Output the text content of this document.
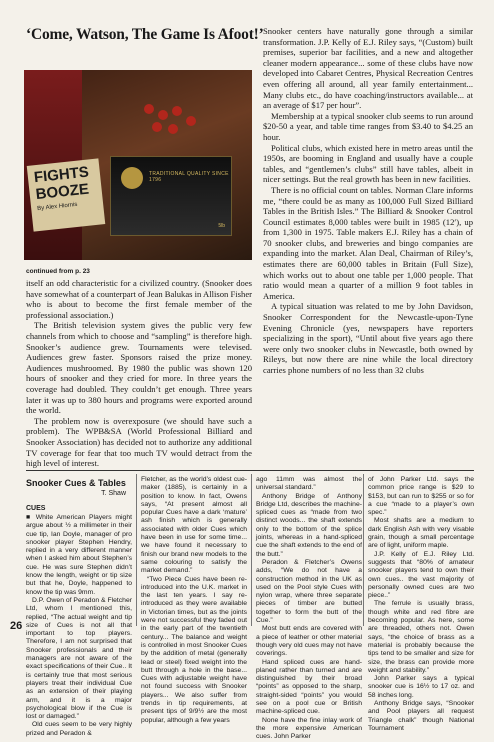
‘Come, Watson, The Game Is Afoot!’
FIGHTS BOOZE
By Alex Hiornis
TRADITIONAL QUALITY SINCE 1796
5lb
continued from p. 23

itself an odd characteristic for a civilized country. (Snooker does have somewhat of a counterpart of Jean Balukas in Allison Fisher who is about to become the first female member of the professional association.)

The British television system gives the public very few channels from which to choose and “sampling” is therefore high. Snooker’s audience grew. Tournaments were televised. Audiences grew faster. Sponsors raised the prize money. Audiences mushroomed. By 1980 the public was shown 120 hours of snooker and they cried for more. In three years the coverage had doubled. They couldn’t get enough. Three years later it was up to 380 hours and programs were exported around the world.

The problem now is overexposure (we should have such a problem). The WPB&SA (World Professional Billiard and Snooker Association) has decided not to authorize any additional TV coverage for fear that too much TV would detract from the high level of interest.

Snooker centers have naturally gone through a similar transformation. J.P. Kelly of E.J. Riley says, “(Custom) built premises, superior bar facilities, and a new and altogether cleaner modern appearance... some of these clubs have now developed into Cabaret Centres, Physical Recreation Centres even offering all around, all year family entertainment... Many clubs etc., do have coaching/instructors available... at an average of $17 per hour”.

Membership at a typical snooker club seems to run around $20-50 a year, and table time ranges from $3.40 to $4.25 an hour.

Political clubs, which existed here in metro areas until the 1950s, are booming in England and usually have a couple tables, and “gentlemen’s clubs” still have tables, albeit in nicer settings. But the real growth has been in new facilities.

There is no official count on tables. Norman Clare informs me, “there could be as many as 100,000 Full Sized Billiard Tables in the British Isles.” The Billiard & Snooker Control Council estimates 8,000 tables were built in 1985 (12′), up from 1,300 in 1975. Table makers E.J. Riley has a chain of 70 snooker clubs, and breweries and bingo companies are expanding into the market. Alan Deal, Chairman of Riley’s, estimates there are 60,000 tables in Britain (Full Size), which works out to about one table per 1,000 people. That ratio would mean a quarter of a million 9 foot tables in America.

A typical situation was related to me by John Davidson, Snooker Correspondent for the Newcastle-upon-Tyne Evening Chronicle (yes, newspapers have reporters specializing in the sport), “Until about five years ago there were only two snooker clubs in Newcastle, both owned by Rileys, but now there are nine while the local directory carries phone numbers of no less than 32 clubs

Snooker Cues & Tables
T. Shaw
CUES

■ White American Players might argue about ½ a millimeter in their cue tip, Ian Doyle, manager of pro snooker player Stephen Hendry, replied in a very different manner when I asked him about Stephen’s cue. He was sure Stephen didn’t know the length, weight or tip size but that he, Doyle, happened to know the tip was 9mm.

D.P. Owen of Peradon & Fletcher Ltd, whom I mentioned this, replied, “The actual weight and tip size of Cues is not all that important to top players. Therefore, I am not surprised that Snooker professionals and their managers are not aware of the exact specifications of their Cue.. It is certainly true that most serious players treat their individual Cue as an extension of their playing arm, and it is a major psychological blow if the Cue is lost or damaged.”

Old cues seem to be very highly prized and Peradon &

Fletcher, as the world’s oldest cue-maker (1885), is certainly in a position to know. In fact, Owens says, “At present almost all popular Cues have a dark ‘mature’ ash finish which is generally associated with older Cues which have been in use for some time... we have found it necessary to finish our brand new models to the same colouring to satisfy the market demand.”

“Two Piece Cues have been re-introduced into the U.K. market in the last ten years. I say re-introduced as they were available in Victorian times, but as the joints were not successful they faded out in the early part of the twentieth century... The balance and weight is controlled in most Snooker Cues by the addition of metal (generally lead or steel) fixed weight into the butt through a hole in the base... Cues with adjustable weight have not found success with Snooker players... We also suffer from trends in tip requirements, at present tips of 9/9½ are the most popular, although a few years

ago 11mm was almost the universal standard.”

Anthony Bridge of Anthony Bridge Ltd, describes the machine-spliced cues as “made from two distinct woods... the shaft extends only to the bottom of the splice joints, whereas in a hand-spliced cue the shaft extends to the end of the butt.”

Peradon & Fletcher’s Owens adds, “We do not have a construction method in the UK as used on the Pool style Cues with nylon wrap, where three separate pieces of timber are butted together to form the butt of the Cue.”

Most butt ends are covered with a piece of leather or other material though very old cues may not have coverings.

Hand spliced cues are hand-planed rather than turned and are distinguished by their broad “points” as opposed to the sharp, straight-sided “points” you would see on a pool cue or British machine-spliced cue.

None have the fine inlay work of the more expensive American cues. John Parker

of John Parker Ltd. says the common price range is $29 to $153, but can run to $255 or so for a cue “made to a player’s own spec.”

Most shafts are a medium to dark English Ash with very visable grain, though a small percentage are of light, uniform maple.

J.P. Kelly of E.J. Riley Ltd. suggests that “80% of amateur snooker players tend to own their own cues.. the vast majority of personally owned cues are two piece..”

The ferrule is usually brass, though white and red fibre are becoming popular. As here, some are threaded, others not. Owen says, “the choice of brass as a material is probably because the tips tend to be smaller and size for size, the brass can provide more weight and stability.”

John Parker says a typical snooker cue is 16½ to 17 oz. and 58 inches long.

Anthony Bridge says, “Snooker and Pool players all request Triangle chalk” though National Tournament

26
